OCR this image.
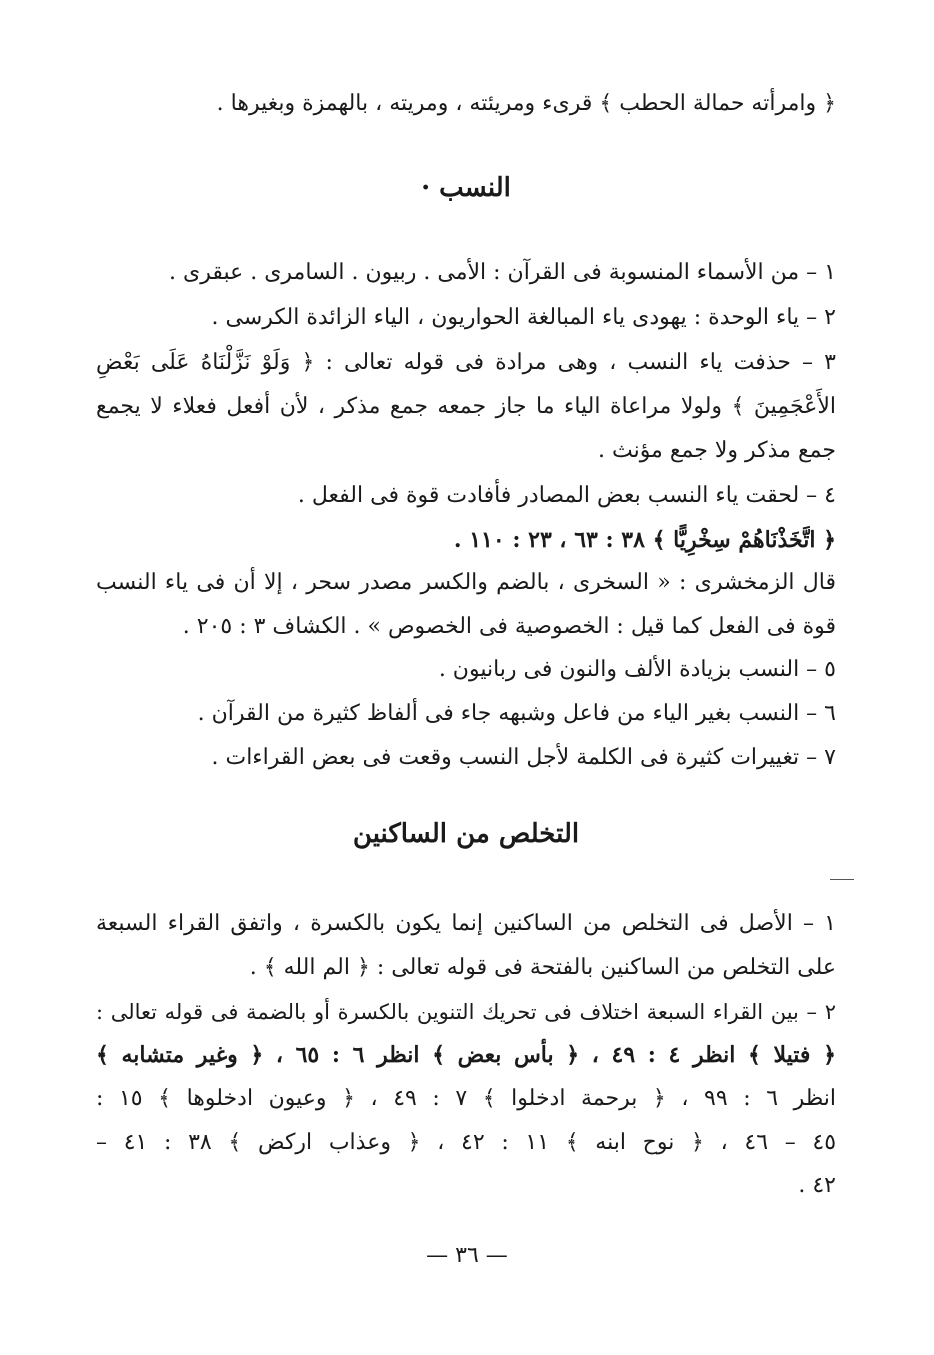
﴿ وامرأته حمالة الحطب ﴾ قرىء ومريئته ، ومريته ، بالهمزة وبغيرها .
النسب ·
١ – من الأسماء المنسوبة فى القرآن : الأمى . ربيون . السامرى . عبقرى .
٢ – ياء الوحدة : يهودى ياء المبالغة الحواريون ، الياء الزائدة الكرسى .
٣ – حذفت ياء النسب ، وهى مرادة فى قوله تعالى : ﴿ وَلَوْ نَزَّلْنَاهُ عَلَى بَعْضِ
الأَعْجَمِينَ ﴾ ولولا مراعاة الياء ما جاز جمعه جمع مذكر ، لأن أفعل فعلاء لا يجمع
جمع مذكر ولا جمع مؤنث .
٤ – لحقت ياء النسب بعض المصادر فأفادت قوة فى الفعل .
﴿ اتَّخَذْنَاهُمْ سِخْرِيًّا ﴾ ٣٨ : ٦٣ ، ٢٣ : ١١٠ .
قال الزمخشرى : « السخرى ، بالضم والكسر مصدر سحر ، إلا أن فى ياء النسب
قوة فى الفعل كما قيل : الخصوصية فى الخصوص » . الكشاف ٣ : ٢٠٥ .
٥ – النسب بزيادة الألف والنون فى ربانيون .
٦ – النسب بغير الياء من فاعل وشبهه جاء فى ألفاظ كثيرة من القرآن .
٧ – تغييرات كثيرة فى الكلمة لأجل النسب وقعت فى بعض القراءات .
التخلص من الساكنين
١ – الأصل فى التخلص من الساكنين إنما يكون بالكسرة ، واتفق القراء السبعة
على التخلص من الساكنين بالفتحة فى قوله تعالى : ﴿ الم الله ﴾ .
٢ – بين القراء السبعة اختلاف فى تحريك التنوين بالكسرة أو بالضمة فى قوله تعالى :
﴿ فتيلا ﴾ انظر ٤ : ٤٩ ، ﴿ بأس بعض ﴾ انظر ٦ : ٦٥ ، ﴿ وغير متشابه ﴾
انظر ٦ : ٩٩ ، ﴿ برحمة ادخلوا ﴾ ٧ : ٤٩ ، ﴿ وعيون ادخلوها ﴾ ١٥ :
٤٥ – ٤٦ ، ﴿ نوح ابنه ﴾ ١١ : ٤٢ ، ﴿ وعذاب اركض ﴾ ٣٨ : ٤١ –
٤٢ .
— ٣٦ —
